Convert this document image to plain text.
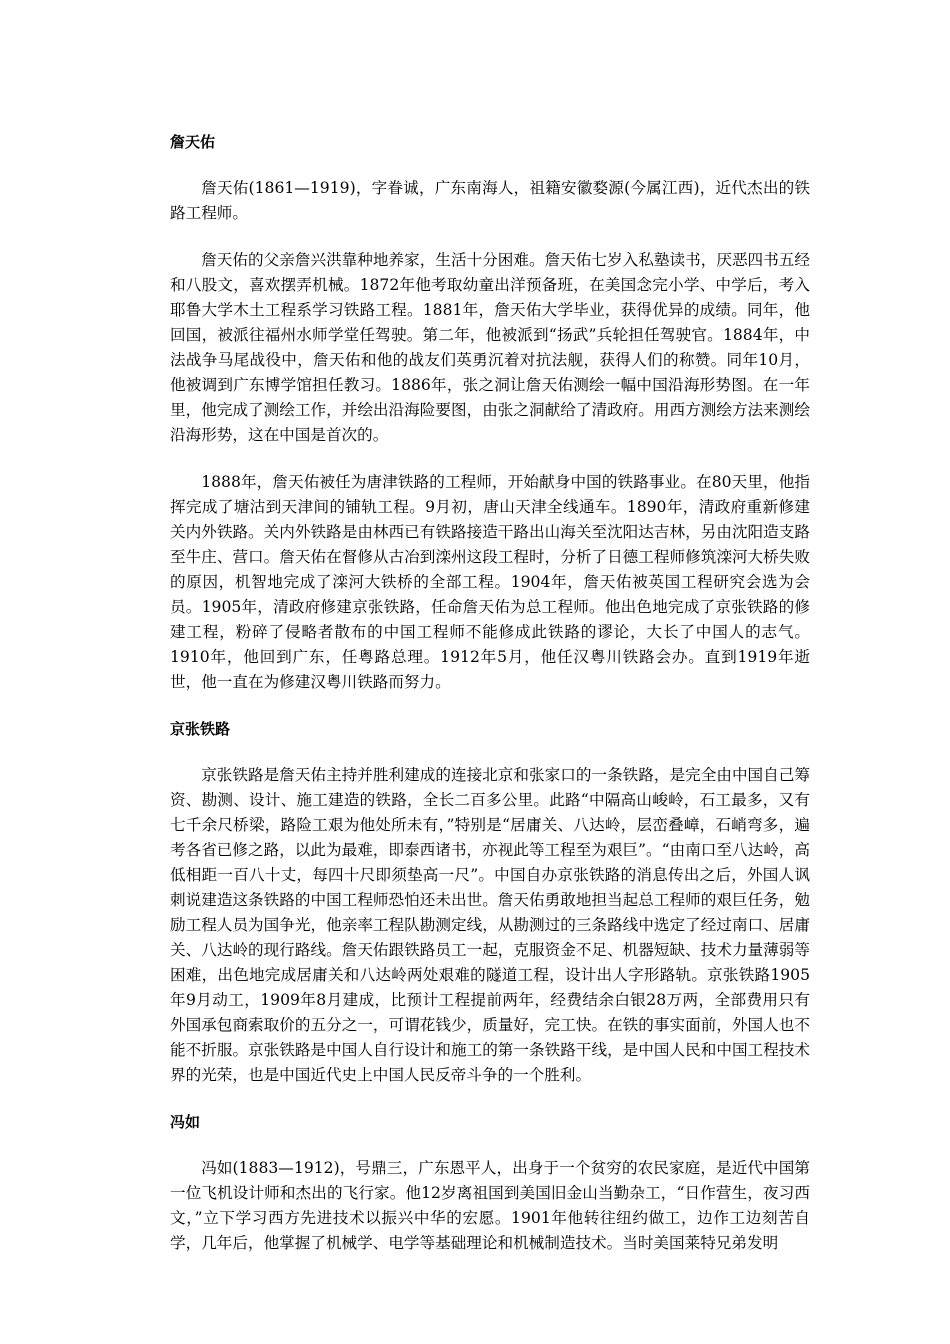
詹天佑
詹天佑(1861—1919)，字眷诚，广东南海人，祖籍安徽婺源(今属江西)，近代杰出的铁路工程师。
詹天佑的父亲詹兴洪靠种地养家，生活十分困难。詹天佑七岁入私塾读书，厌恶四书五经和八股文，喜欢摆弄机械。1872年他考取幼童出洋预备班，在美国念完小学、中学后，考入耶鲁大学木土工程系学习铁路工程。1881年，詹天佑大学毕业，获得优异的成绩。同年，他回国，被派往福州水师学堂任驾驶。第二年，他被派到“扬武”兵轮担任驾驶官。1884年，中法战争马尾战役中，詹天佑和他的战友们英勇沉着对抗法舰，获得人们的称赞。同年10月，他被调到广东博学馆担任教习。1886年，张之洞让詹天佑测绘一幅中国沿海形势图。在一年里，他完成了测绘工作，并绘出沿海险要图，由张之洞献给了清政府。用西方测绘方法来测绘沿海形势，这在中国是首次的。
1888年，詹天佑被任为唐津铁路的工程师，开始献身中国的铁路事业。在80天里，他指挥完成了塘沽到天津间的铺轨工程。9月初，唐山天津全线通车。1890年，清政府重新修建关内外铁路。关内外铁路是由林西已有铁路接造干路出山海关至沈阳达吉林，另由沈阳造支路至牛庄、营口。詹天佑在督修从古冶到滦州这段工程时，分析了日德工程师修筑滦河大桥失败的原因，机智地完成了滦河大铁桥的全部工程。1904年，詹天佑被英国工程研究会选为会员。1905年，清政府修建京张铁路，任命詹天佑为总工程师。他出色地完成了京张铁路的修建工程，粉碎了侵略者散布的中国工程师不能修成此铁路的谬论，大长了中国人的志气。1910年，他回到广东，任粤路总理。1912年5月，他任汉粤川铁路会办。直到1919年逝世，他一直在为修建汉粤川铁路而努力。
京张铁路
京张铁路是詹天佑主持并胜利建成的连接北京和张家口的一条铁路，是完全由中国自己筹资、勘测、设计、施工建造的铁路，全长二百多公里。此路“中隔高山峻岭，石工最多，又有七千余尺桥梁，路险工艰为他处所未有，”特别是“居庸关、八达岭，层峦叠嶂，石峭弯多，遍考各省已修之路，以此为最难，即泰西诸书，亦视此等工程至为艰巨”。“由南口至八达岭，高低相距一百八十丈，每四十尺即须垫高一尺”。中国自办京张铁路的消息传出之后，外国人讽刺说建造这条铁路的中国工程师恐怕还未出世。詹天佑勇敢地担当起总工程师的艰巨任务，勉励工程人员为国争光，他亲率工程队勘测定线，从勘测过的三条路线中选定了经过南口、居庸关、八达岭的现行路线。詹天佑跟铁路员工一起，克服资金不足、机器短缺、技术力量薄弱等困难，出色地完成居庸关和八达岭两处艰难的隧道工程，设计出人字形路轨。京张铁路1905年9月动工，1909年8月建成，比预计工程提前两年，经费结余白银28万两，全部费用只有外国承包商索取价的五分之一，可谓花钱少，质量好，完工快。在铁的事实面前，外国人也不能不折服。京张铁路是中国人自行设计和施工的第一条铁路干线，是中国人民和中国工程技术界的光荣，也是中国近代史上中国人民反帝斗争的一个胜利。
冯如
冯如(1883—1912)，号鼎三，广东恩平人，出身于一个贫穷的农民家庭，是近代中国第一位飞机设计师和杰出的飞行家。他12岁离祖国到美国旧金山当勤杂工，“日作营生，夜习西文，”立下学习西方先进技术以振兴中华的宏愿。1901年他转往纽约做工，边作工边刻苦自学，几年后，他掌握了机械学、电学等基础理论和机械制造技术。当时美国莱特兄弟发明
